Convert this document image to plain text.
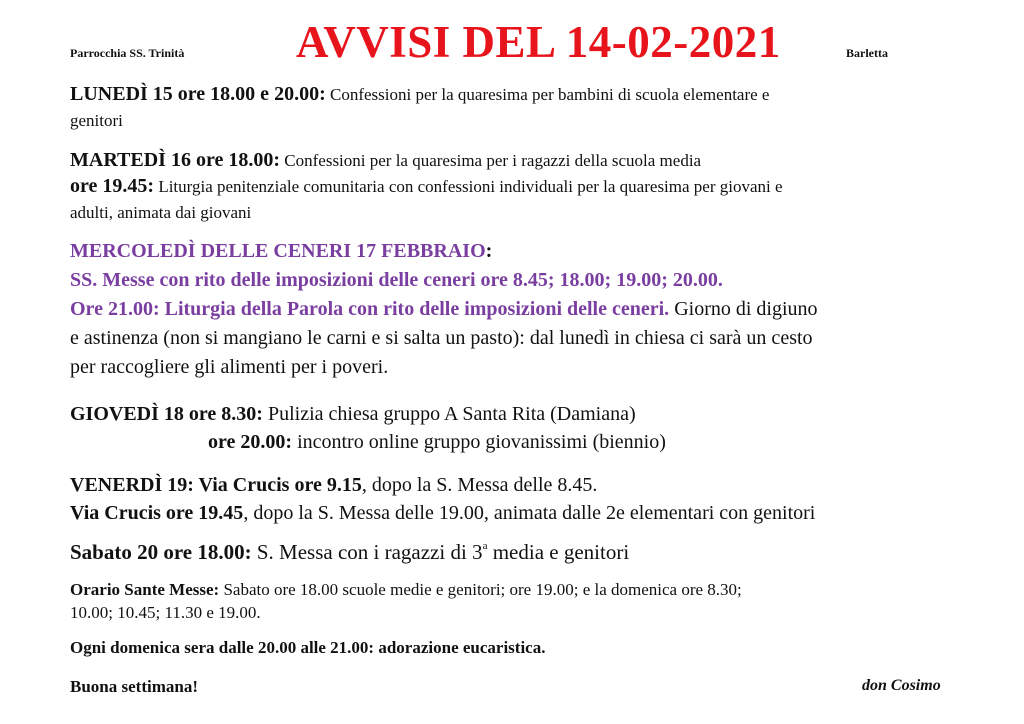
Parrocchia SS. Trinità AVVISI DEL 14-02-2021	Barletta
LUNEDÌ 15 ore 18.00 e 20.00: Confessioni per la quaresima per bambini di scuola elementare e
genitori
MARTEDÌ 16 ore 18.00: Confessioni per la quaresima per i ragazzi della scuola media
ore 19.45: Liturgia penitenziale comunitaria con confessioni individuali per la quaresima per giovani e
adulti, animata dai giovani
MERCOLEDÌ DELLE CENERI 17 FEBBRAIO:
SS. Messe con rito delle imposizioni delle ceneri ore 8.45; 18.00; 19.00; 20.00.
Ore 21.00: Liturgia della Parola con rito delle imposizioni delle ceneri. Giorno di digiuno
e astinenza (non si mangiano le carni e si salta un pasto): dal lunedì in chiesa ci sarà un cesto
per raccogliere gli alimenti per i poveri.
GIOVEDÌ 18 ore 8.30: Pulizia chiesa gruppo A Santa Rita (Damiana)
ore 20.00: incontro online gruppo giovanissimi (biennio)
VENERDÌ 19: Via Crucis ore 9.15, dopo la S. Messa delle 8.45.
Via Crucis ore 19.45, dopo la S. Messa delle 19.00, animata dalle 2e elementari con genitori
Sabato 20 ore 18.00: S. Messa con i ragazzi di 3$^a$ media e genitori
Orario Sante Messe: Sabato ore 18.00 scuole medie e genitori; ore 19.00; e la domenica ore 8.30;
10.00; 10.45; 11.30 e 19.00.
Ogni domenica sera dalle 20.00 alle 21.00: adorazione eucaristica.
Buona settimana!	don Cosimo
